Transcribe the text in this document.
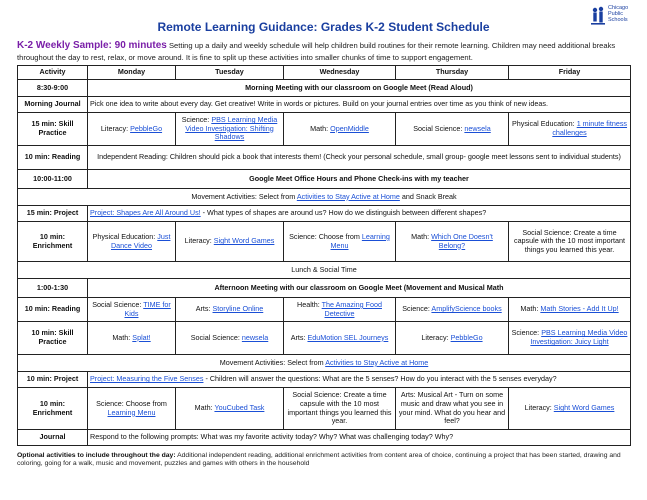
Remote Learning Guidance: Grades K-2 Student Schedule
Chicago
Public
Schools
K-2 Weekly Sample: 90 minutes Setting up a daily and weekly schedule will help children build routines for their remote learning. Children may need additional breaks throughout the day to rest, relax, or move around. It is fine to split up these activities into smaller chunks of time to support engagement.
Activity	Monday	Tuesday	Wednesday	Thursday	Friday
8:30-9:00	Morning Meeting with our classroom on Google Meet (Read Aloud)				
Morning Journal	Pick one idea to write about every day. Get creative! Write in words or pictures. Build on your journal entries over time as you think of new ideas.				
15 min: Skill Practice	Literacy: PebbleGo	Science: PBS Learning Media Video Investigation: Shifting Shadows	Math: OpenMiddle	Social Science: newsela	Physical Education: 1 minute fitness challenges
10 min: Reading	Independent Reading: Children should pick a book that interests them! (Check your personal schedule, small group- google meet lessons sent to individual students)				
10:00-11:00	Google Meet Office Hours and Phone Check-ins with my teacher				
Movement Activities: Select from Activities to Stay Active at Home and Snack Break					
15 min: Project	Project: Shapes Are All Around Us! - What types of shapes are around us? How do we distinguish between different shapes?				
10 min: Enrichment	Physical Education: Just Dance Video	Literacy: Sight Word Games	Science: Choose from Learning Menu	Math: Which One Doesn't Belong?	Social Science: Create a time capsule with the 10 most important things you learned this year.
Lunch & Social Time					
1:00-1:30	Afternoon Meeting with our classroom on Google Meet (Movement and Musical Math				
10 min: Reading	Social Science: TIME for Kids	Arts: Storyline Online	Health: The Amazing Food Detective	Science: AmplifyScience books	Math: Math Stories - Add It Up!
10 min: Skill Practice	Math: Splat!	Social Science: newsela	Arts: EduMotion SEL Journeys	Literacy: PebbleGo	Science: PBS Learning Media Video Investigation: Juicy Light
Movement Activities: Select from Activities to Stay Active at Home					
10 min: Project	Project: Measuring the Five Senses - Children will answer the questions: What are the 5 senses? How do you interact with the 5 senses everyday?				
10 min: Enrichment	Science: Choose from Learning Menu	Math: YouCubed Task	Social Science: Create a time capsule with the 10 most important things you learned this year.	Arts: Musical Art - Turn on some music and draw what you see in your mind. What do you hear and feel?	Literacy: Sight Word Games
Journal	Respond to the following prompts: What was my favorite activity today? Why? What was challenging today? Why?				
Optional activities to include throughout the day: Additional independent reading, additional enrichment activities from content area of choice, continuing a project that has been started, drawing and coloring, going for a walk, music and movement, puzzles and games with others in the household
